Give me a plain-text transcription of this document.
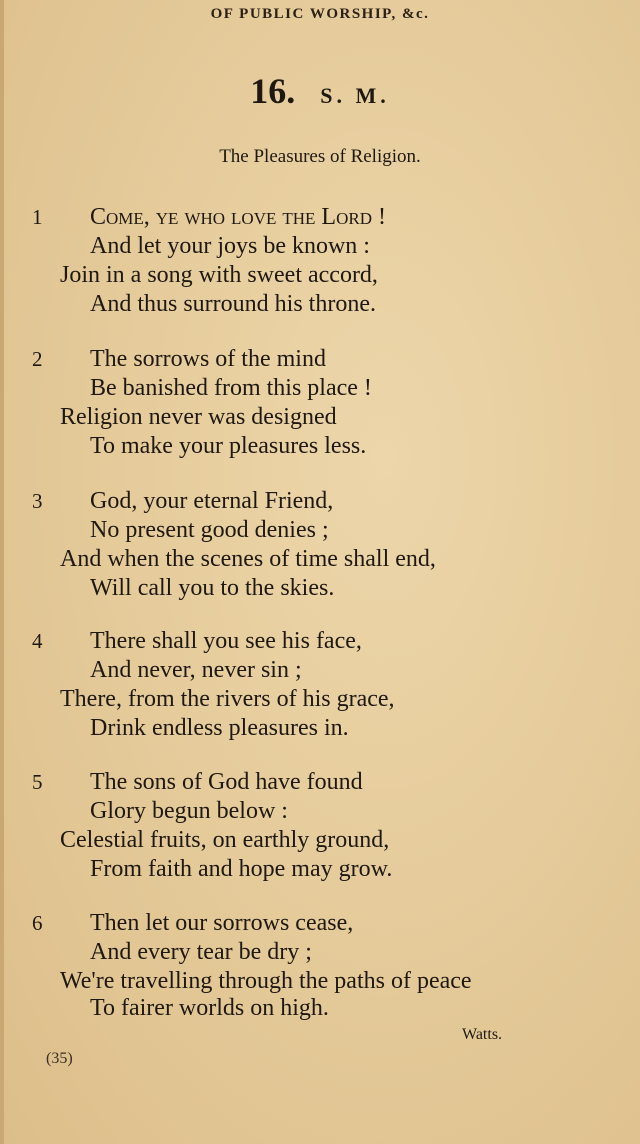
OF PUBLIC WORSHIP, &c.
16. S. M.
The Pleasures of Religion.
1 Come, ye who love the Lord !
And let your joys be known :
Join in a song with sweet accord,
And thus surround his throne.
2 The sorrows of the mind
Be banished from this place !
Religion never was designed
To make your pleasures less.
3 God, your eternal Friend,
No present good denies ;
And when the scenes of time shall end,
Will call you to the skies.
4 There shall you see his face,
And never, never sin ;
There, from the rivers of his grace,
Drink endless pleasures in.
5 The sons of God have found
Glory begun below :
Celestial fruits, on earthly ground,
From faith and hope may grow.
6 Then let our sorrows cease,
And every tear be dry ;
We're travelling through the paths of peace
To fairer worlds on high.
Watts.
(35)
